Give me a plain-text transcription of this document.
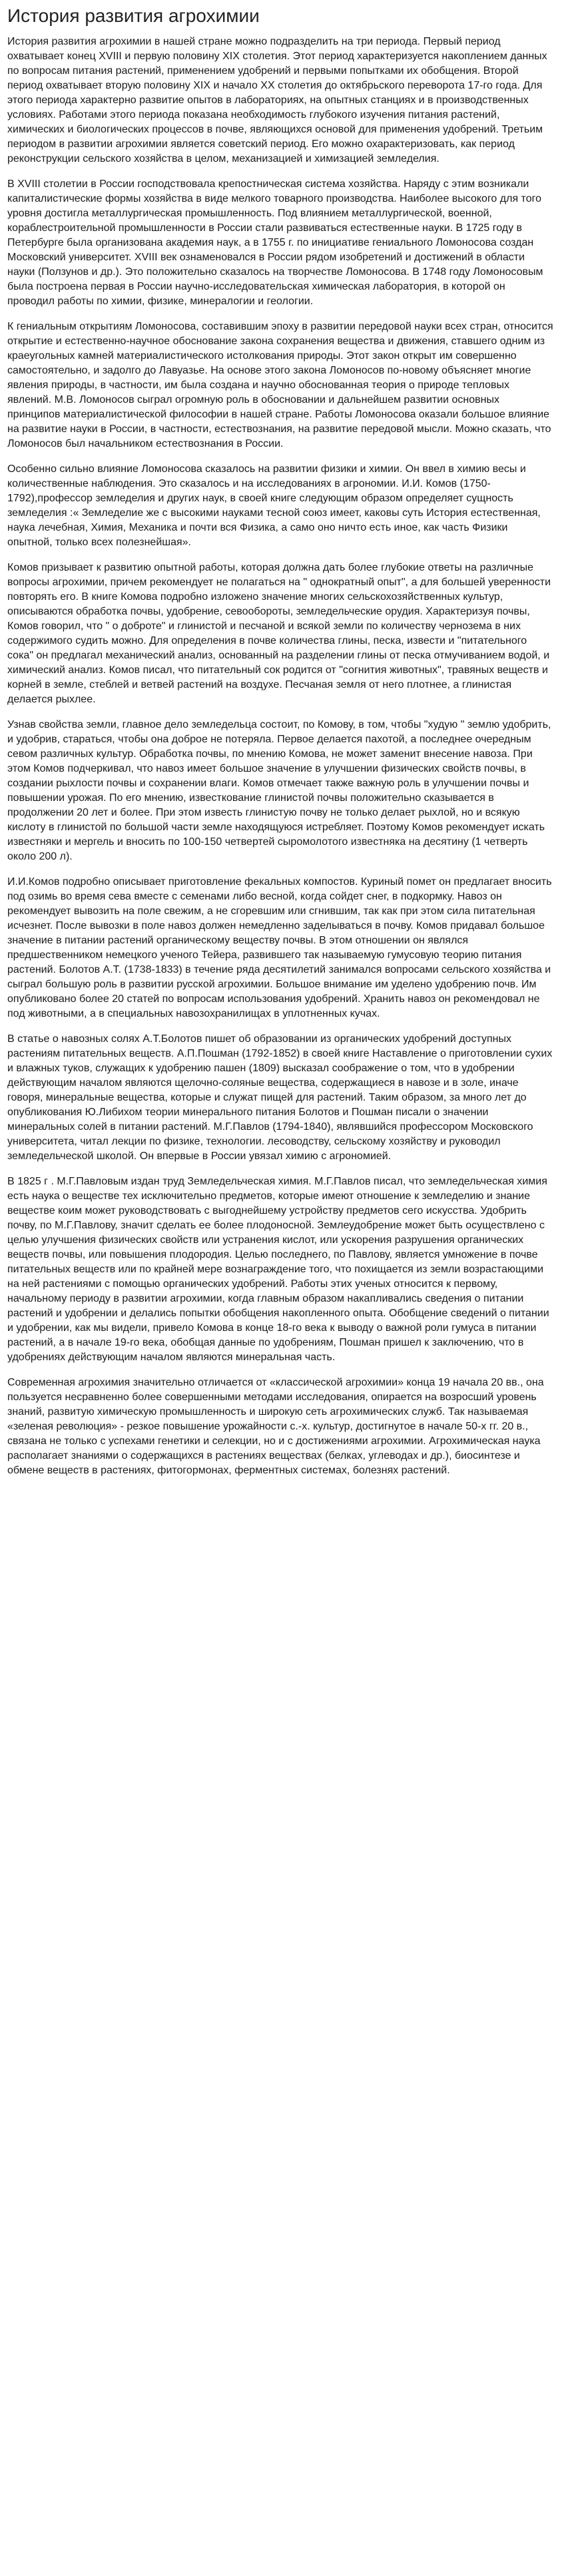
История развития агрохимии

История развития агрохимии в нашей стране можно подразделить на три периода. Первый период охватывает конец XVIII и первую половину XIX столетия. Этот период характеризуется накоплением данных по вопросам питания растений, применением удобрений и первыми попытками их обобщения. Второй период охватывает вторую половину XIX и начало XX столетия до октябрьского переворота 17-го года. Для этого периода характерно развитие опытов в лабораториях, на опытных станциях и в производственных условиях. Работами этого периода показана необходимость глубокого изучения питания растений, химических и биологических процессов в почве, являющихся основой для применения удобрений. Третьим периодом в развитии агрохимии является советский период. Его можно охарактеризовать, как период реконструкции сельского хозяйства в целом, механизацией и химизацией земледелия.

В XVIII столетии в России господствовала крепостническая система хозяйства. Наряду с этим возникали капиталистические формы хозяйства в виде мелкого товарного производства. Наиболее высокого для того уровня достигла металлургическая промышленность. Под влиянием металлургической, военной, кораблестроительной промышленности в России стали развиваться естественные науки. В 1725 году в Петербурге была организована академия наук, а в 1755 г. по инициативе гениального Ломоносова создан Московский университет. XVIII век ознаменовался в России рядом изобретений и достижений в области науки (Ползунов и др.). Это положительно сказалось на творчестве Ломоносова. В 1748 году Ломоносовым была построена первая в России научно-исследовательская химическая лаборатория, в которой он проводил работы по химии, физике, минералогии и геологии.

К гениальным открытиям Ломоносова, составившим эпоху в развитии передовой науки всех стран, относится открытие и естественно-научное обоснование закона сохранения вещества и движения, ставшего одним из краеугольных камней материалистического истолкования природы. Этот закон открыт им совершенно самостоятельно, и задолго до Лавуазье. На основе этого закона Ломоносов по-новому объясняет многие явления природы, в частности, им была создана и научно обоснованная теория о природе тепловых явлений. М.В. Ломоносов сыграл огромную роль в обосновании и дальнейшем развитии основных принципов материалистической философии в нашей стране. Работы Ломоносова оказали большое влияние на развитие науки в России, в частности, естествознания, на развитие передовой мысли. Можно сказать, что Ломоносов был начальником естествознания в России.

Особенно сильно влияние Ломоносова сказалось на развитии физики и химии. Он ввел в химию весы и количественные наблюдения. Это сказалось и на исследованиях в агрономии. И.И. Комов (1750-1792),профессор земледелия и других наук, в своей книге следующим образом определяет сущность земледелия :« Земледелие же с высокими науками тесной союз имеет, каковы суть История естественная, наука лечебная, Химия, Механика и почти вся Физика, а само оно ничто есть иное, как часть Физики опытной, только всех полезнейшая».

Комов призывает к развитию опытной работы, которая должна дать более глубокие ответы на различные вопросы агрохимии, причем рекомендует не полагаться на " однократный опыт", а для большей уверенности повторять его. В книге Комова подробно изложено значение многих сельскохозяйственных культур, описываются обработка почвы, удобрение, севообороты, земледельческие орудия. Характеризуя почвы, Комов говорил, что " о доброте" и глинистой и песчаной и всякой земли по количеству чернозема в них содержимого судить можно. Для определения в почве количества глины, песка, извести и "питательного сока" он предлагал механический анализ, основанный на разделении глины от песка отмучиванием водой, и химический анализ. Комов писал, что питательный сок родится от "согнития животных", травяных веществ и корней в земле, стеблей и ветвей растений на воздухе. Песчаная земля от него плотнее, а глинистая делается рыхлее.

Узнав свойства земли, главное дело земледельца состоит, по Комову, в том, чтобы "худую " землю удобрить, и удобрив, стараться, чтобы она доброе не потеряла. Первое делается пахотой, а последнее очередным севом различных культур. Обработка почвы, по мнению Комова, не может заменит внесение навоза. При этом Комов подчеркивал, что навоз имеет большое значение в улучшении физических свойств почвы, в создании рыхлости почвы и сохранении влаги. Комов отмечает также важную роль в улучшении почвы и повышении урожая. По его мнению, известкование глинистой почвы положительно сказывается в продолжении 20 лет и более. При этом известь глинистую почву не только делает рыхлой, но и всякую кислоту в глинистой по большой части земле находящуюся истребляет. Поэтому Комов рекомендует искать известняки и мергель и вносить по 100-150 четвертей сыромолотого известняка на десятину (1 четверть около 200 л).

И.И.Комов подробно описывает приготовление фекальных компостов. Куриный помет он предлагает вносить под озимь во время сева вместе с семенами либо весной, когда сойдет снег, в подкормку. Навоз он рекомендует вывозить на поле свежим, а не сгоревшим или сгнившим, так как при этом сила питательная исчезнет. После вывозки в поле навоз должен немедленно заделываться в почву. Комов придавал большое значение в питании растений органическому веществу почвы. В этом отношении он являлся предшественником немецкого ученого Тейера, развившего так называемую гумусовую теорию питания растений. Болотов А.Т. (1738-1833) в течение ряда десятилетий занимался вопросами сельского хозяйства и сыграл большую роль в развитии русской агрохимии. Большое внимание им уделено удобрению почв. Им опубликовано более 20 статей по вопросам использования удобрений. Хранить навоз он рекомендовал не под животными, а в специальных навозохранилищах в уплотненных кучах.

В статье о навозных солях А.Т.Болотов пишет об образовании из органических удобрений доступных растениям питательных веществ. А.П.Пошман (1792-1852) в своей книге Наставление о приготовлении сухих и влажных туков, служащих к удобрению пашен (1809) высказал соображение о том, что в удобрении действующим началом являются щелочно-соляные вещества, содержащиеся в навозе и в золе, иначе говоря, минеральные вещества, которые и служат пищей для растений. Таким образом, за много лет до опубликования Ю.Либихом теории минерального питания Болотов и Пошман писали о значении минеральных солей в питании растений. М.Г.Павлов (1794-1840), являвшийся профессором Московского университета, читал лекции по физике, технологии. лесоводству, сельскому хозяйству и руководил земледельческой школой. Он впервые в России увязал химию с агрономией.

В 1825 г . М.Г.Павловым издан труд Земледельческая химия. М.Г.Павлов писал, что земледельческая химия есть наука о веществе тех исключительно предметов, которые имеют отношение к земледелию и знание веществе коим может руководствовать с выгоднейшему устройству предметов сего искусства. Удобрить почву, по М.Г.Павлову, значит сделать ее более плодоносной. Землеудобрение может быть осуществлено с целью улучшения физических свойств или устранения кислот, или ускорения разрушения органических веществ почвы, или повышения плодородия. Целью последнего, по Павлову, является умножение в почве питательных веществ или по крайней мере вознаграждение того, что похищается из земли возрастающими на ней растениями с помощью органических удобрений. Работы этих ученых относится к первому, начальному периоду в развитии агрохимии, когда главным образом накапливались сведения о питании растений и удобрении и делались попытки обобщения накопленного опыта. Обобщение сведений о питании и удобрении, как мы видели, привело Комова в конце 18-го века к выводу о важной роли гумуса в питании растений, а в начале 19-го века, обобщая данные по удобрениям, Пошман пришел к заключению, что в удобрениях действующим началом являются минеральная часть.

Современная агрохимия значительно отличается от «классической агрохимии» конца 19 начала 20 вв., она пользуется несравненно более совершенными методами исследования, опирается на возросший уровень знаний, развитую химическую промышленность и широкую сеть агрохимических служб. Так называемая «зеленая революция» - резкое повышение урожайности с.-х. культур, достигнутое в начале 50-х гг. 20 в., связана не только с успехами генетики и селекции, но и с достижениями агрохимии. Агрохимическая наука располагает знаниями о содержащихся в растениях веществах (белках, углеводах и др.), биосинтезе и обмене веществ в растениях, фитогормонах, ферментных системах, болезнях растений.
